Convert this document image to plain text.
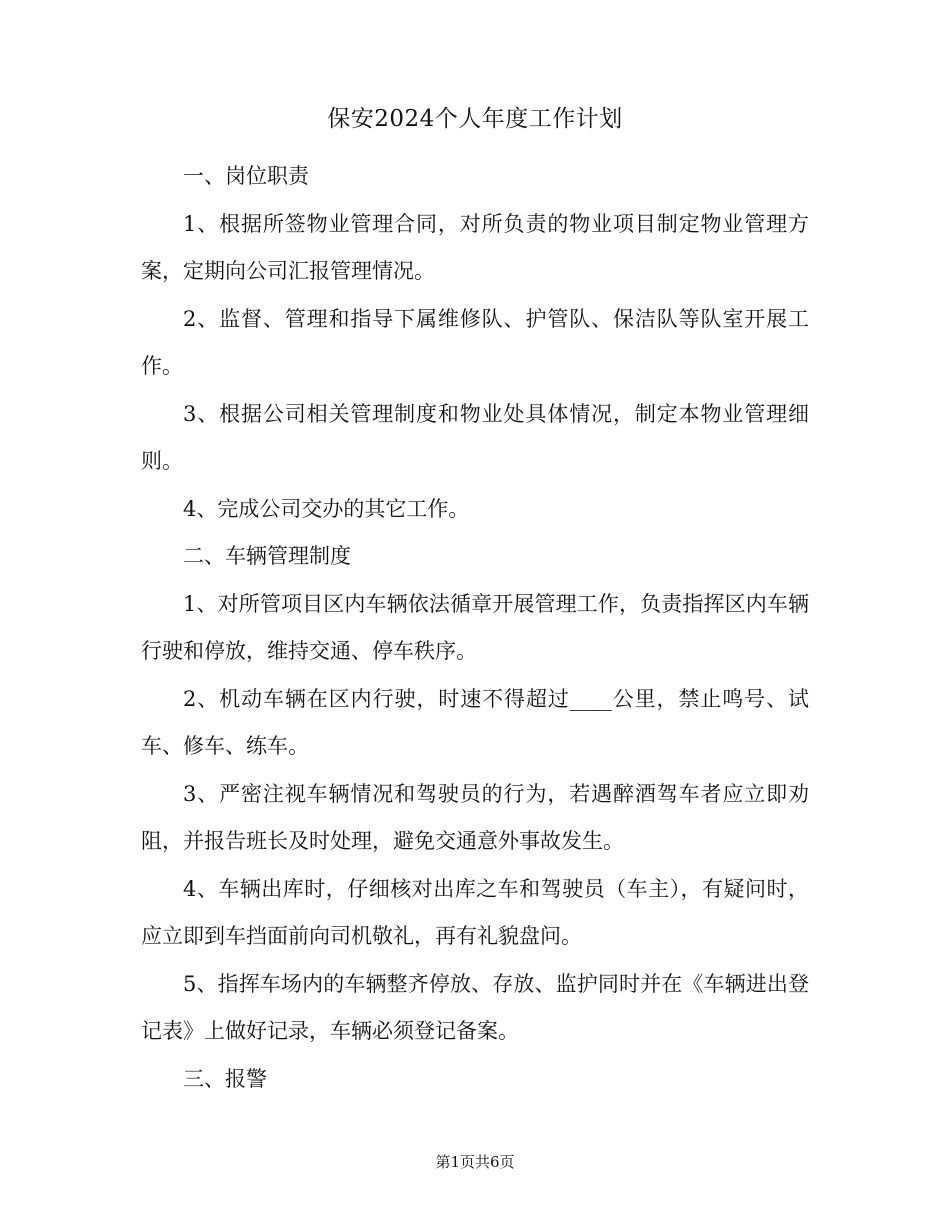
保安2024个人年度工作计划

一、岗位职责

1、根据所签物业管理合同，对所负责的物业项目制定物业管理方案，定期向公司汇报管理情况。

2、监督、管理和指导下属维修队、护管队、保洁队等队室开展工作。

3、根据公司相关管理制度和物业处具体情况，制定本物业管理细则。

4、完成公司交办的其它工作。

二、车辆管理制度

1、对所管项目区内车辆依法循章开展管理工作，负责指挥区内车辆行驶和停放，维持交通、停车秩序。

2、机动车辆在区内行驶，时速不得超过____公里，禁止鸣号、试车、修车、练车。

3、严密注视车辆情况和驾驶员的行为，若遇醉酒驾车者应立即劝阻，并报告班长及时处理，避免交通意外事故发生。

4、车辆出库时，仔细核对出库之车和驾驶员（车主），有疑问时，应立即到车挡面前向司机敬礼，再有礼貌盘问。

5、指挥车场内的车辆整齐停放、存放、监护同时并在《车辆进出登记表》上做好记录，车辆必须登记备案。

三、报警

第1页共6页
